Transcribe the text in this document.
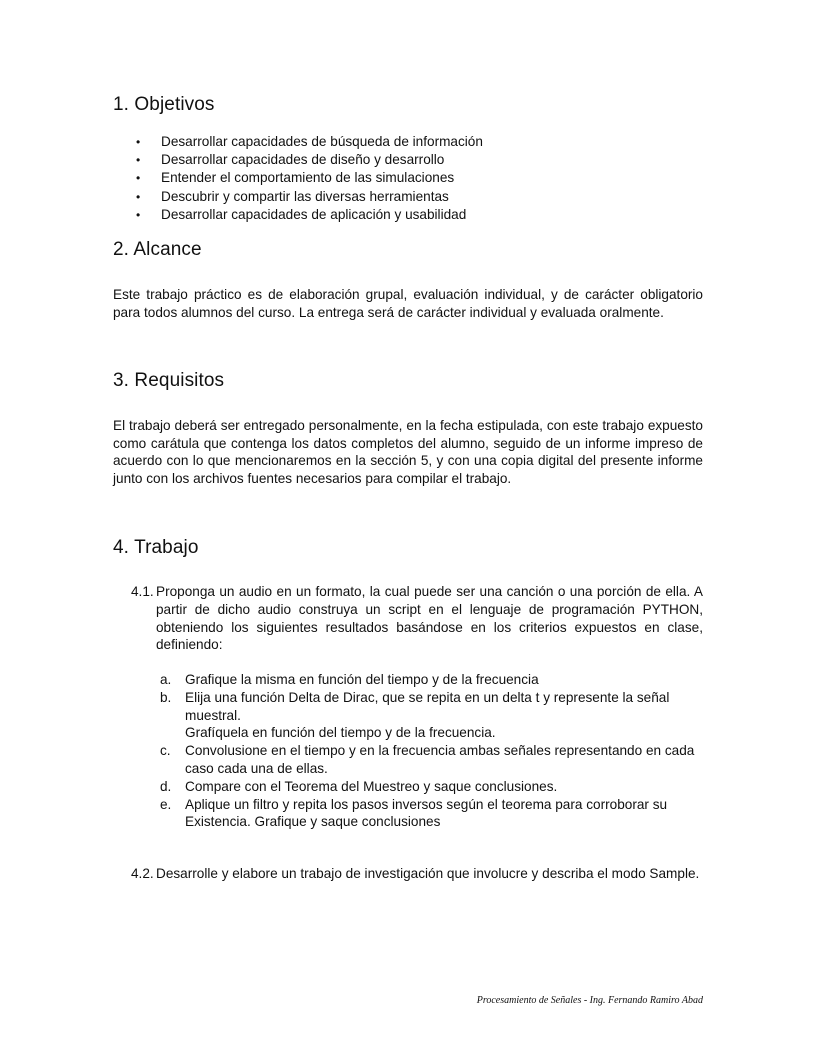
1. Objetivos
• Desarrollar capacidades de búsqueda de información
• Desarrollar capacidades de diseño y desarrollo
• Entender el comportamiento de las simulaciones
• Descubrir y compartir las diversas herramientas
• Desarrollar capacidades de aplicación y usabilidad
2. Alcance

Este trabajo práctico es de elaboración grupal, evaluación individual, y de carácter obligatorio para todos alumnos del curso. La entrega será de carácter individual y evaluada oralmente.

3. Requisitos

El trabajo deberá ser entregado personalmente, en la fecha estipulada, con este trabajo expuesto como carátula que contenga los datos completos del alumno, seguido de un informe impreso de acuerdo con lo que mencionaremos en la sección 5, y con una copia digital del presente informe junto con los archivos fuentes necesarios para compilar el trabajo.

4. Trabajo
4.1. Proponga un audio en un formato, la cual puede ser una canción o una porción de ella. A partir de dicho audio construya un script en el lenguaje de programación PYTHON, obteniendo los siguientes resultados basándose en los criterios expuestos en clase, definiendo:
a. Grafique la misma en función del tiempo y de la frecuencia
b. Elija una función Delta de Dirac, que se repita en un delta t y represente la señal muestral.
Grafíquela en función del tiempo y de la frecuencia.
c. Convolusione en el tiempo y en la frecuencia ambas señales representando en cada caso cada una de ellas.
d. Compare con el Teorema del Muestreo y saque conclusiones.
e. Aplique un filtro y repita los pasos inversos según el teorema para corroborar su Existencia. Grafique y saque conclusiones
4.2. Desarrolle y elabore un trabajo de investigación que involucre y describa el modo Sample.
Procesamiento de Señales - Ing. Fernando Ramiro Abad
